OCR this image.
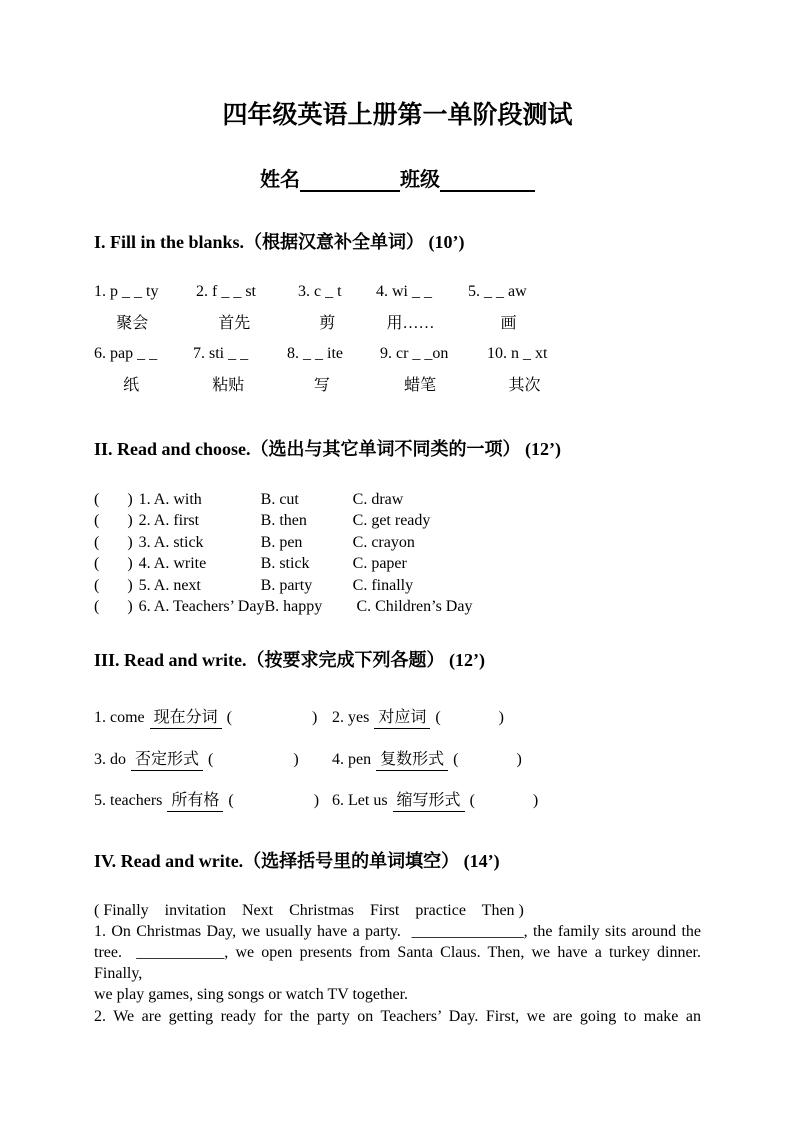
四年级英语上册第一单阶段测试
姓名	班级
I. Fill in the blanks.（根据汉意补全单词） (10’)
1. p _ _ ty
聚会
2. f _ _ st
首先
3. c _ t
剪
4. wi _ _
用……
5. _ _ aw
画
6. pap _ _
纸
7. sti _ _
粘贴
8. _ _ ite
写
9. cr _ _on
蜡笔
10. n _ xt
其次
II. Read and choose.（选出与其它单词不同类的一项） (12’)
(       ) 1. A. with	B. cut	C. draw
(       ) 2. A. first	B. then	C. get ready
(       ) 3. A. stick	B. pen	C. crayon
(       ) 4. A. write	B. stick	C. paper
(       ) 5. A. next	B. party	C. finally
(       ) 6. A. Teachers’ Day B. happy	C. Children’s Day
III. Read and write.（按要求完成下列各题） (12’)
1. come 现在分词 (	) 2. yes 对应词 (	)
3. do 否定形式 (	)	4. pen 复数形式 (	)
5. teachers 所有格 (	) 6. Let us 缩写形式 (	)
IV. Read and write.（选择括号里的单词填空） (14’)
( Finally    invitation    Next    Christmas    First    practice    Then )
1. On Christmas Day, we usually have a party.  ______________, the family sits around the
tree.  ___________, we open presents from Santa Claus. Then, we have a turkey dinner. Finally,
we play games, sing songs or watch TV together.
2. We are getting ready for the party on Teachers’ Day. First, we are going to make an
